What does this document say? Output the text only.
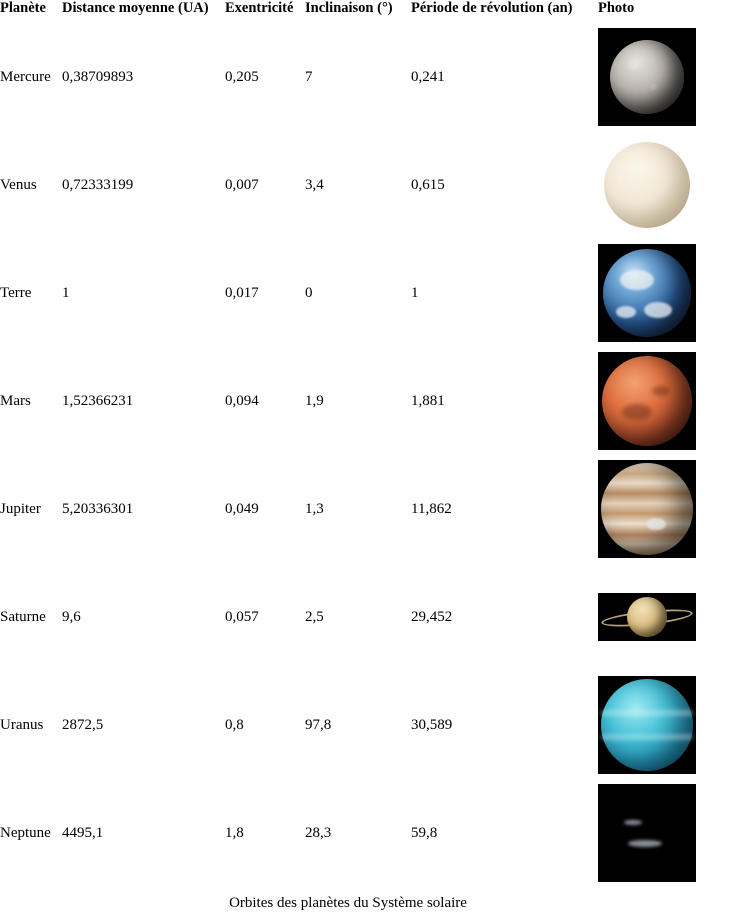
Planète	Distance moyenne (UA)	Exentricité	Inclinaison (°)	Période de révolution (an)	Photo
Mercure	0,38709893	0,205	7	0,241	

Venus	0,72333199	0,007	3,4	0,615	

Terre	1	0,017	0	1	

Mars	1,52366231	0,094	1,9	1,881	

Jupiter	5,20336301	0,049	1,3	11,862	

Saturne	9,6	0,057	2,5	29,452	

Uranus	2872,5	0,8	97,8	30,589	

Neptune	4495,1	1,8	28,3	59,8	
Orbites des planètes du Système solaire
